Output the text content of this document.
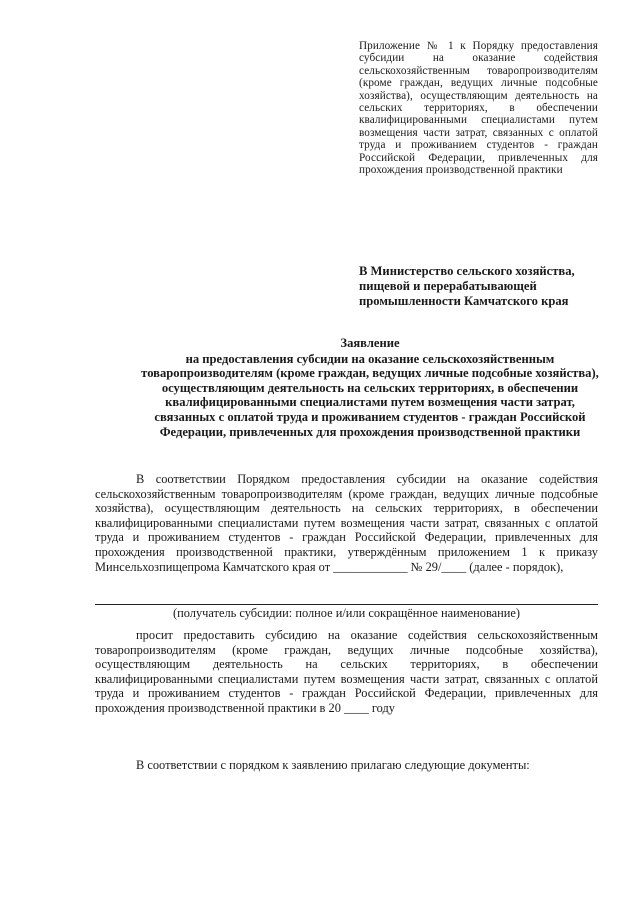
Приложение № 1 к Порядку предоставления субсидии на оказание содействия сельскохозяйственным товаропроизводителям (кроме граждан, ведущих личные подсобные хозяйства), осуществляющим деятельность на сельских территориях, в обеспечении квалифицированными специалистами путем возмещения части затрат, связанных с оплатой труда и проживанием студентов - граждан Российской Федерации, привлеченных для прохождения производственной практики
В Министерство сельского хозяйства, пищевой и перерабатывающей промышленности Камчатского края
Заявление
на предоставления субсидии на оказание сельскохозяйственным товаропроизводителям (кроме граждан, ведущих личные подсобные хозяйства), осуществляющим деятельность на сельских территориях, в обеспечении квалифицированными специалистами путем возмещения части затрат, связанных с оплатой труда и проживанием студентов - граждан Российской Федерации, привлеченных для прохождения производственной практики
В соответствии Порядком предоставления субсидии на оказание содействия сельскохозяйственным товаропроизводителям (кроме граждан, ведущих личные подсобные хозяйства), осуществляющим деятельность на сельских территориях, в обеспечении квалифицированными специалистами путем возмещения части затрат, связанных с оплатой труда и проживанием студентов - граждан Российской Федерации, привлеченных для прохождения производственной практики, утверждённым приложением 1 к приказу Минсельхозпищепромa Камчатского края от ____________ № 29/____ (далее - порядок),
(получатель субсидии: полное и/или сокращённое наименование)
просит предоставить субсидию на оказание содействия сельскохозяйственным товаропроизводителям (кроме граждан, ведущих личные подсобные хозяйства), осуществляющим деятельность на сельских территориях, в обеспечении квалифицированными специалистами путем возмещения части затрат, связанных с оплатой труда и проживанием студентов - граждан Российской Федерации, привлеченных для прохождения производственной практики в 20 ____ году
В соответствии с порядком к заявлению прилагаю следующие документы:
